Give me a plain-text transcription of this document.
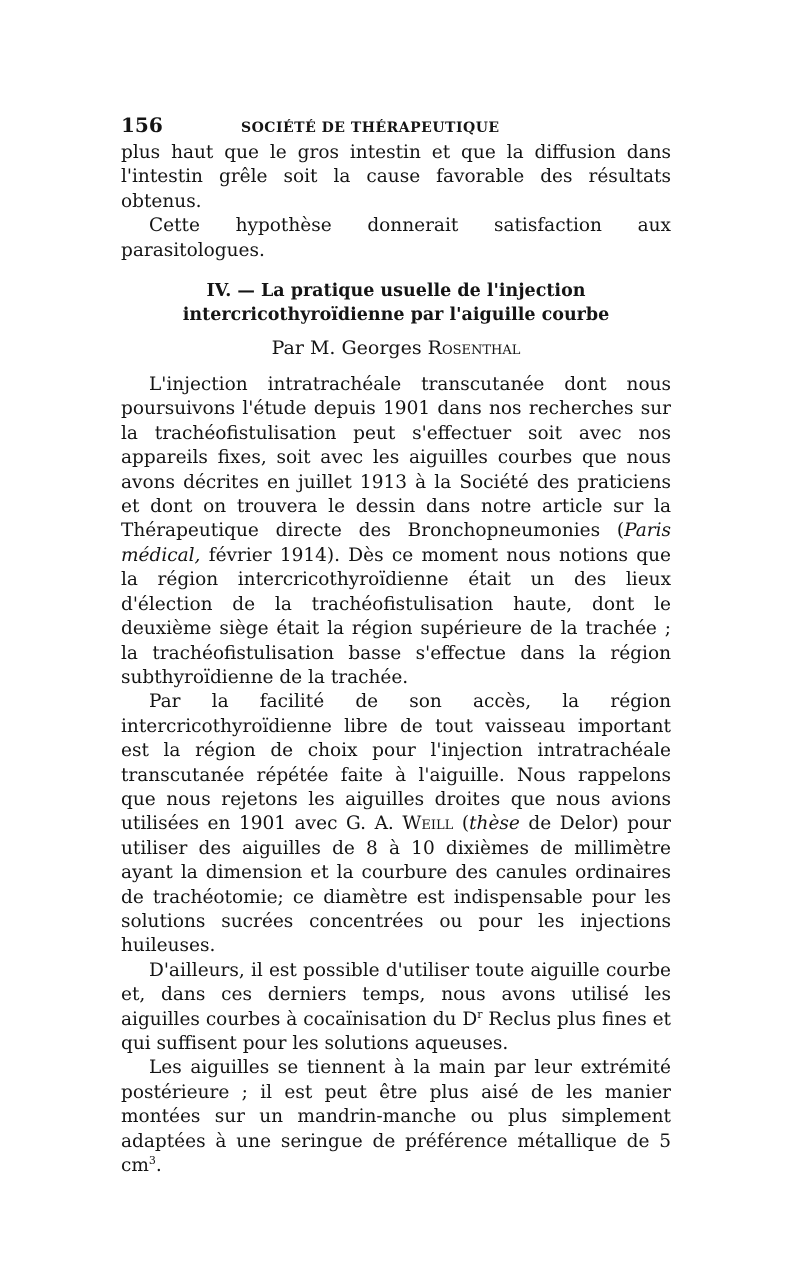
156	SOCIÉTÉ DE THÉRAPEUTIQUE

plus haut que le gros intestin et que la diffusion dans l'intestin grêle soit la cause favorable des résultats obtenus.

Cette hypothèse donnerait satisfaction aux parasitologues.

IV. — La pratique usuelle de l'injection
intercricothyroïdienne par l'aiguille courbe
Par M. Georges Rosenthal

L'injection intratrachéale transcutanée dont nous poursuivons l'étude depuis 1901 dans nos recherches sur la trachéofistulisation peut s'effectuer soit avec nos appareils fixes, soit avec les aiguilles courbes que nous avons décrites en juillet 1913 à la Société des praticiens et dont on trouvera le dessin dans notre article sur la Thérapeutique directe des Bronchopneumonies (Paris médical, février 1914). Dès ce moment nous notions que la région intercricothyroïdienne était un des lieux d'élection de la trachéofistulisation haute, dont le deuxième siège était la région supérieure de la trachée ; la trachéofistulisation basse s'effectue dans la région subthyroïdienne de la trachée.

Par la facilité de son accès, la région intercricothyroïdienne libre de tout vaisseau important est la région de choix pour l'injection intratrachéale transcutanée répétée faite à l'aiguille. Nous rappelons que nous rejetons les aiguilles droites que nous avions utilisées en 1901 avec G. A. Weill (thèse de Delor) pour utiliser des aiguilles de 8 à 10 dixièmes de millimètre ayant la dimension et la courbure des canules ordinaires de trachéotomie; ce diamètre est indispensable pour les solutions sucrées concentrées ou pour les injections huileuses.

D'ailleurs, il est possible d'utiliser toute aiguille courbe et, dans ces derniers temps, nous avons utilisé les aiguilles courbes à cocaïnisation du $D^r$ Reclus plus fines et qui suffisent pour les solutions aqueuses.

Les aiguilles se tiennent à la main par leur extrémité postérieure ; il est peut être plus aisé de les manier montées sur un mandrin-manche ou plus simplement adaptées à une seringue de préférence métallique de 5 $cm^3$.
